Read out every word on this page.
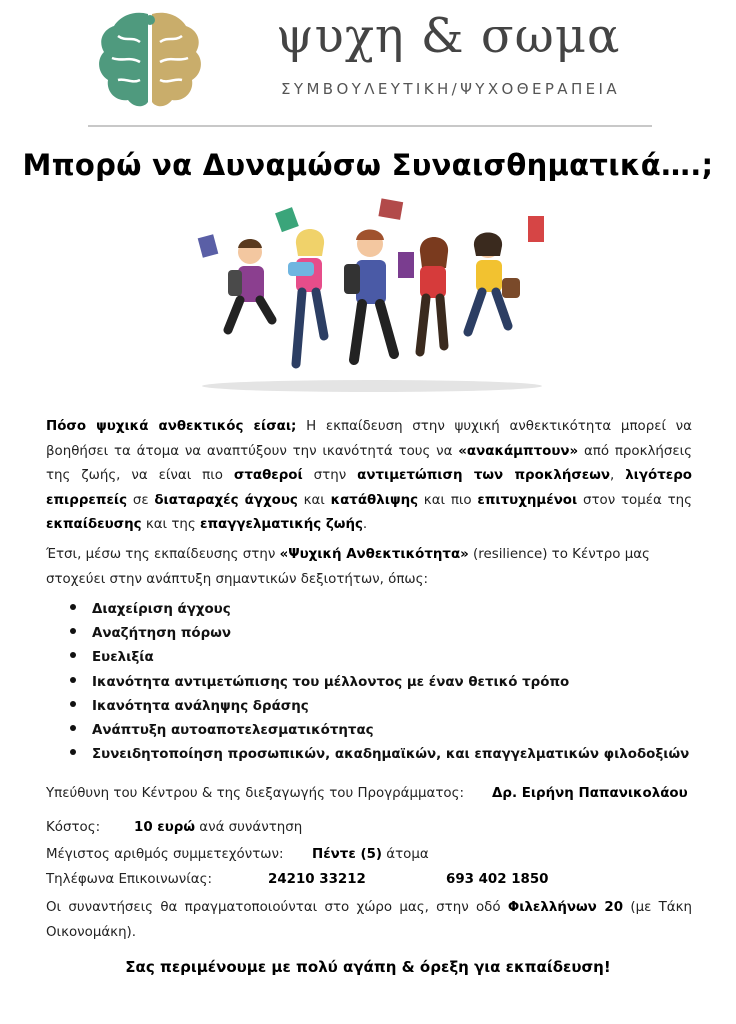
ψυχη & σωμα
ΣΥΜΒΟΥΛΕΥΤΙΚΗ/ΨΥΧΟΘΕΡΑΠΕΙΑ
Μπορώ να Δυναμώσω Συναισθηματικά….;
Πόσο ψυχικά ανθεκτικός είσαι; Η εκπαίδευση στην ψυχική ανθεκτικότητα μπορεί να βοηθήσει τα άτομα να αναπτύξουν την ικανότητά τους να «ανακάμπτουν» από προκλήσεις της ζωής, να είναι πιο σταθεροί στην αντιμετώπιση των προκλήσεων, λιγότερο επιρρεπείς σε διαταραχές άγχους και κατάθλιψης και πιο επιτυχημένοι στον τομέα της εκπαίδευσης και της επαγγελματικής ζωής.
Έτσι, μέσω της εκπαίδευσης στην «Ψυχική Ανθεκτικότητα» (resilience) το Κέντρο μας στοχεύει στην ανάπτυξη σημαντικών δεξιοτήτων, όπως:
Διαχείριση άγχους
Αναζήτηση πόρων
Ευελιξία
Ικανότητα αντιμετώπισης του μέλλοντος με έναν θετικό τρόπο
Ικανότητα ανάληψης δράσης
Ανάπτυξη αυτοαποτελεσματικότητας
Συνειδητοποίηση προσωπικών, ακαδημαϊκών, και επαγγελματικών φιλοδοξιών
Υπεύθυνη του Κέντρου & της διεξαγωγής του Προγράμματος: Δρ. Ειρήνη Παπανικολάου
Κόστος:	10 ευρώ ανά συνάντηση
Μέγιστος αριθμός συμμετεχόντων: Πέντε (5) άτομα
Τηλέφωνα Επικοινωνίας:	24210 33212	693 402 1850
Οι συναντήσεις θα πραγματοποιούνται στο χώρο μας, στην οδό Φιλελλήνων 20 (με Τάκη Οικονομάκη).
Σας περιμένουμε με πολύ αγάπη & όρεξη για εκπαίδευση!
